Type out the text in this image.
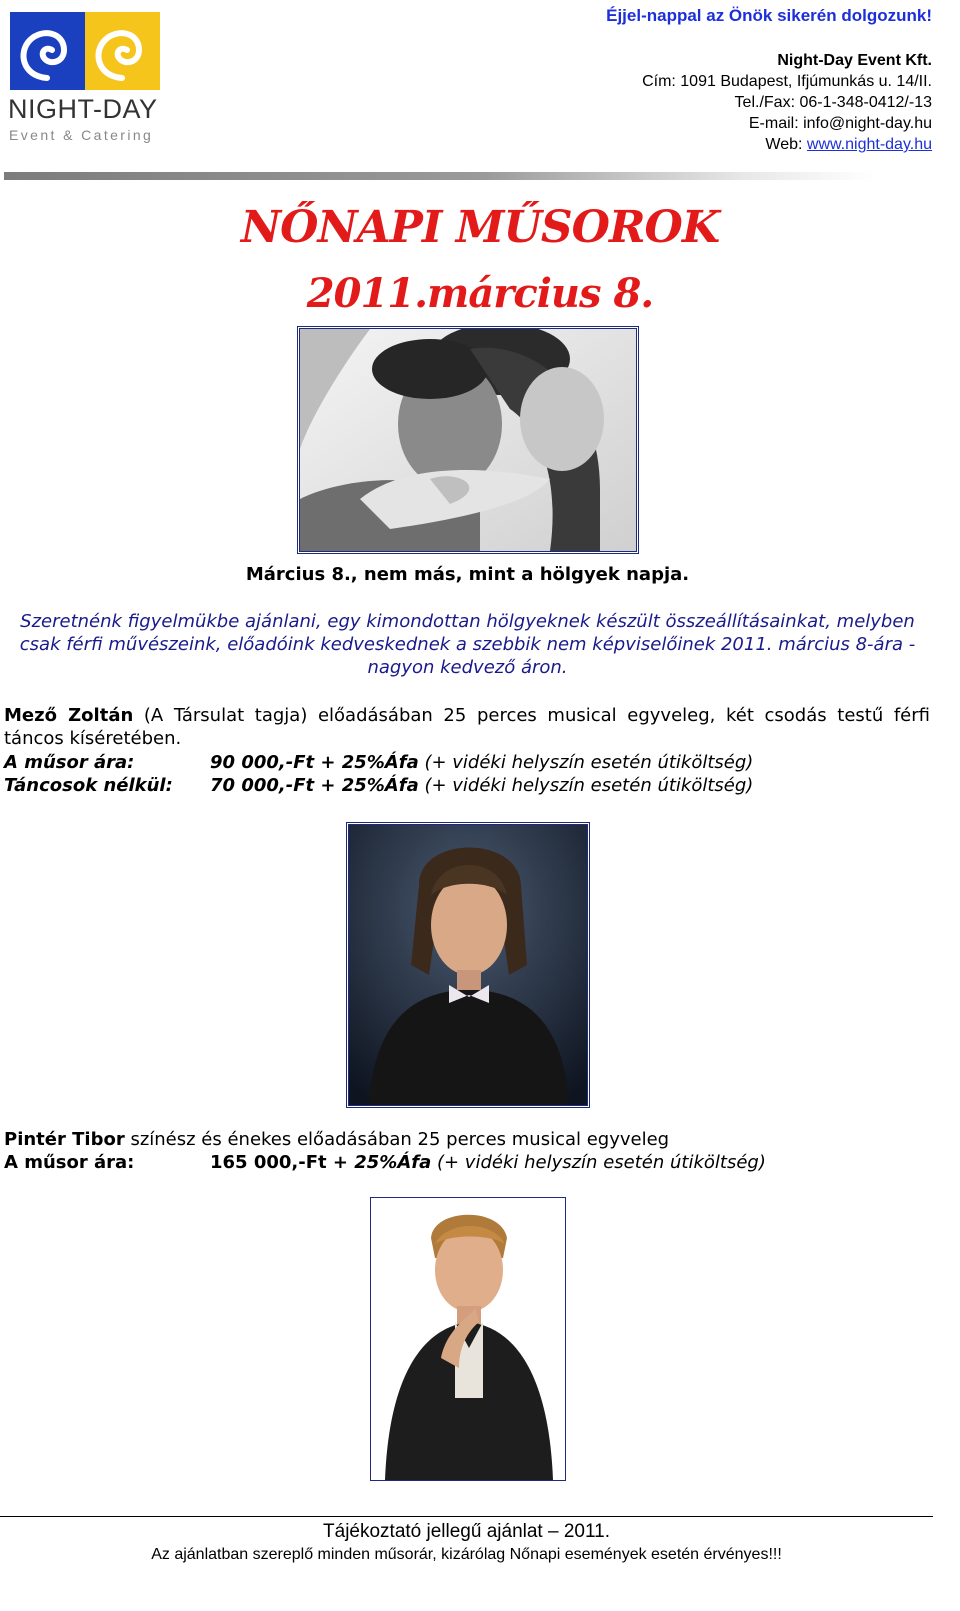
NIGHT-DAY
Event & Catering
Éjjel-nappal az Önök sikerén dolgozunk!
Night-Day Event Kft.
Cím: 1091 Budapest, Ifjúmunkás u. 14/II.
Tel./Fax: 06-1-348-0412/-13
E-mail: info@night-day.hu
Web: www.night-day.hu
NŐNAPI MŰSOROK
2011.március 8.
Március 8., nem más, mint a hölgyek napja.
Szeretnénk figyelmükbe ajánlani, egy kimondottan hölgyeknek készült összeállításainkat, melyben csak férfi művészeink, előadóink kedveskednek a szebbik nem képviselőinek 2011. március 8-ára - nagyon kedvező áron.
Mező Zoltán (A Társulat tagja) előadásában 25 perces musical egyveleg, két csodás testű férfi táncos kíséretében.
A műsor ára:	90 000,-Ft + 25%Áfa (+ vidéki helyszín esetén útiköltség)
Táncosok nélkül: 70 000,-Ft + 25%Áfa (+ vidéki helyszín esetén útiköltség)
Pintér Tibor színész és énekes előadásában 25 perces musical egyveleg
A műsor ára:	165 000,-Ft + 25%Áfa (+ vidéki helyszín esetén útiköltség)
Tájékoztató jellegű ajánlat – 2011.
Az ajánlatban szereplő minden műsorár, kizárólag Nőnapi események esetén érvényes!!!
